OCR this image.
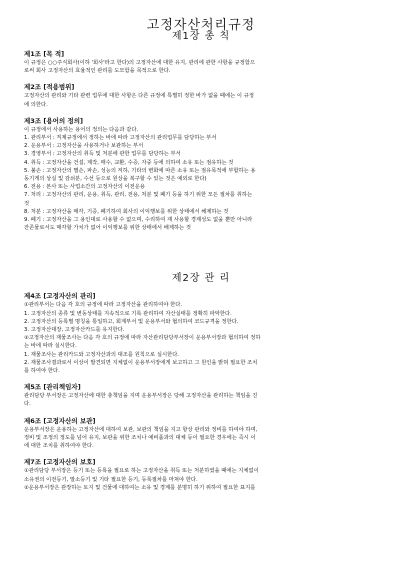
고정자산처리규정
제1장 총 칙
제1조 [목 적]
이 규정은 ○○주식회사(이하 '회사'라고 한다)의 고정자산에 대한 유지, 관리에 관한 사항을 규정함으
로써 회사 고정자산의 효율적인 관리를 도모함을 목적으로 한다.
제2조 [적용범위]
고정자산의 관리와 기타 관련 업무에 대한 사항은 다른 규정에 특별히 정한 바가 없을 때에는 이 규정
에 의한다.
제3조 [용어의 정의]
이 규정에서 사용하는 용어의 정의는 다음과 같다.
1. 관리부서 : 직제규정에서 정하는 바에 따라 고정자산의 관리업무를 담당하는 부서
2. 운용부서 : 고정자산을 사용하거나 보관하는 부서
3. 경영부서 : 고정자산의 취득 및 처분에 관한 업무를 담당하는 부서
4. 취득 : 고정자산을 건설, 제작, 매수, 교환, 수증, 자중 등에 의하여 소유 또는 점유하는 것
5. 불손 : 고정자산의 멸손, 파손, 성능의 저하, 기타의 변화에 따른 소유 또는 점유목적에 부합하는 용
동기게의 상실 및 감쇠분, 수선 등으로 원상을 복구할 수 있는 것은 예외로 한다)
6. 전용 : 본사 또는 사업소간의 고정자산의 이전운용
7. 처리 : 고정자산의 관리, 운용, 취득, 관리, 전용, 처분 및 폐기 등을 하기 위한 모든 절차를 취하는
것
8. 처분 : 고정자산을 매각, 기증, 폐기하여 회사의 이익행보를 위한 상태에서 해제하는 것
9. 폐기 : 고정자산을 그 용인대로 사용할 수 없으며, 수리하여 재 사용할 경제성도 없을 뿐만 아니라
잔존물로서도 매각할 가치가 없어 이익행보를 위한 상태에서 배제하는 것
제2장 관 리
제4조 [고정자산의 관리]
①관리부서는 다음 각 호의 규정에 따라 고정자산을 관리하여야 한다.
1. 고정자산의 종류 및 변동상태를 지속적으로 기록 관리하여 자산실태를 정확히 파악한다.
2. 고정자산의 등록별 명칭을 통일하고, 회계부서 및 운용부서와 협의하여 코드규격을 정한다.
3. 고정자산대장, 고정자산카드를 유지한다.
②고정자산의 재물조사는 다음 각 호의 규정에 따라 자산관리담당부서장이 운용부서장과 협의하여 정하
는 바에 따라 실시한다.
1. 재물조사는 관리카드와 고정자산과의 대조를 원칙으로 실시한다.
2. 재물조사결과로서 이상이 발견되면 지체없이 운용부서장에게 보고하고 그 원인을 밝혀 필요한 조치
를 하여야 한다.
제5조 [관리책임자]
관리담당 부서장은 고정자산에 대한 총책임을 지며 운용부서장은 당해 고정자산을 관리하는 책임을 진
다.
제6조 [고정자산의 보관]
운용부서장은 운용하는 고정자산에 대하여 보관, 보관의 책임을 지고 항상 관리와 정비를 하여야 하며,
정비 및 조정의 정도를 넘어 유지, 보관을 위한 조치나 예비품과의 대체 등이 필요한 경우에는 즉시 이
에 대한 조치를 취하여야 한다.
제7조 [고정자산의 보호]
①관리담당 부서장은 등기 또는 등록을 필요로 하는 고정자산을 취득 또는 처분하였을 때에는 지체없이
소유권의 이전등기, 말소등기 및 기타 필요한 등기, 등록절차를 마쳐야 한다.
②운용부서장은 관장하는 토지 및 건물에 대하여는 소유 및 경계를 분명히 하기 위하여 필요한 표지를
